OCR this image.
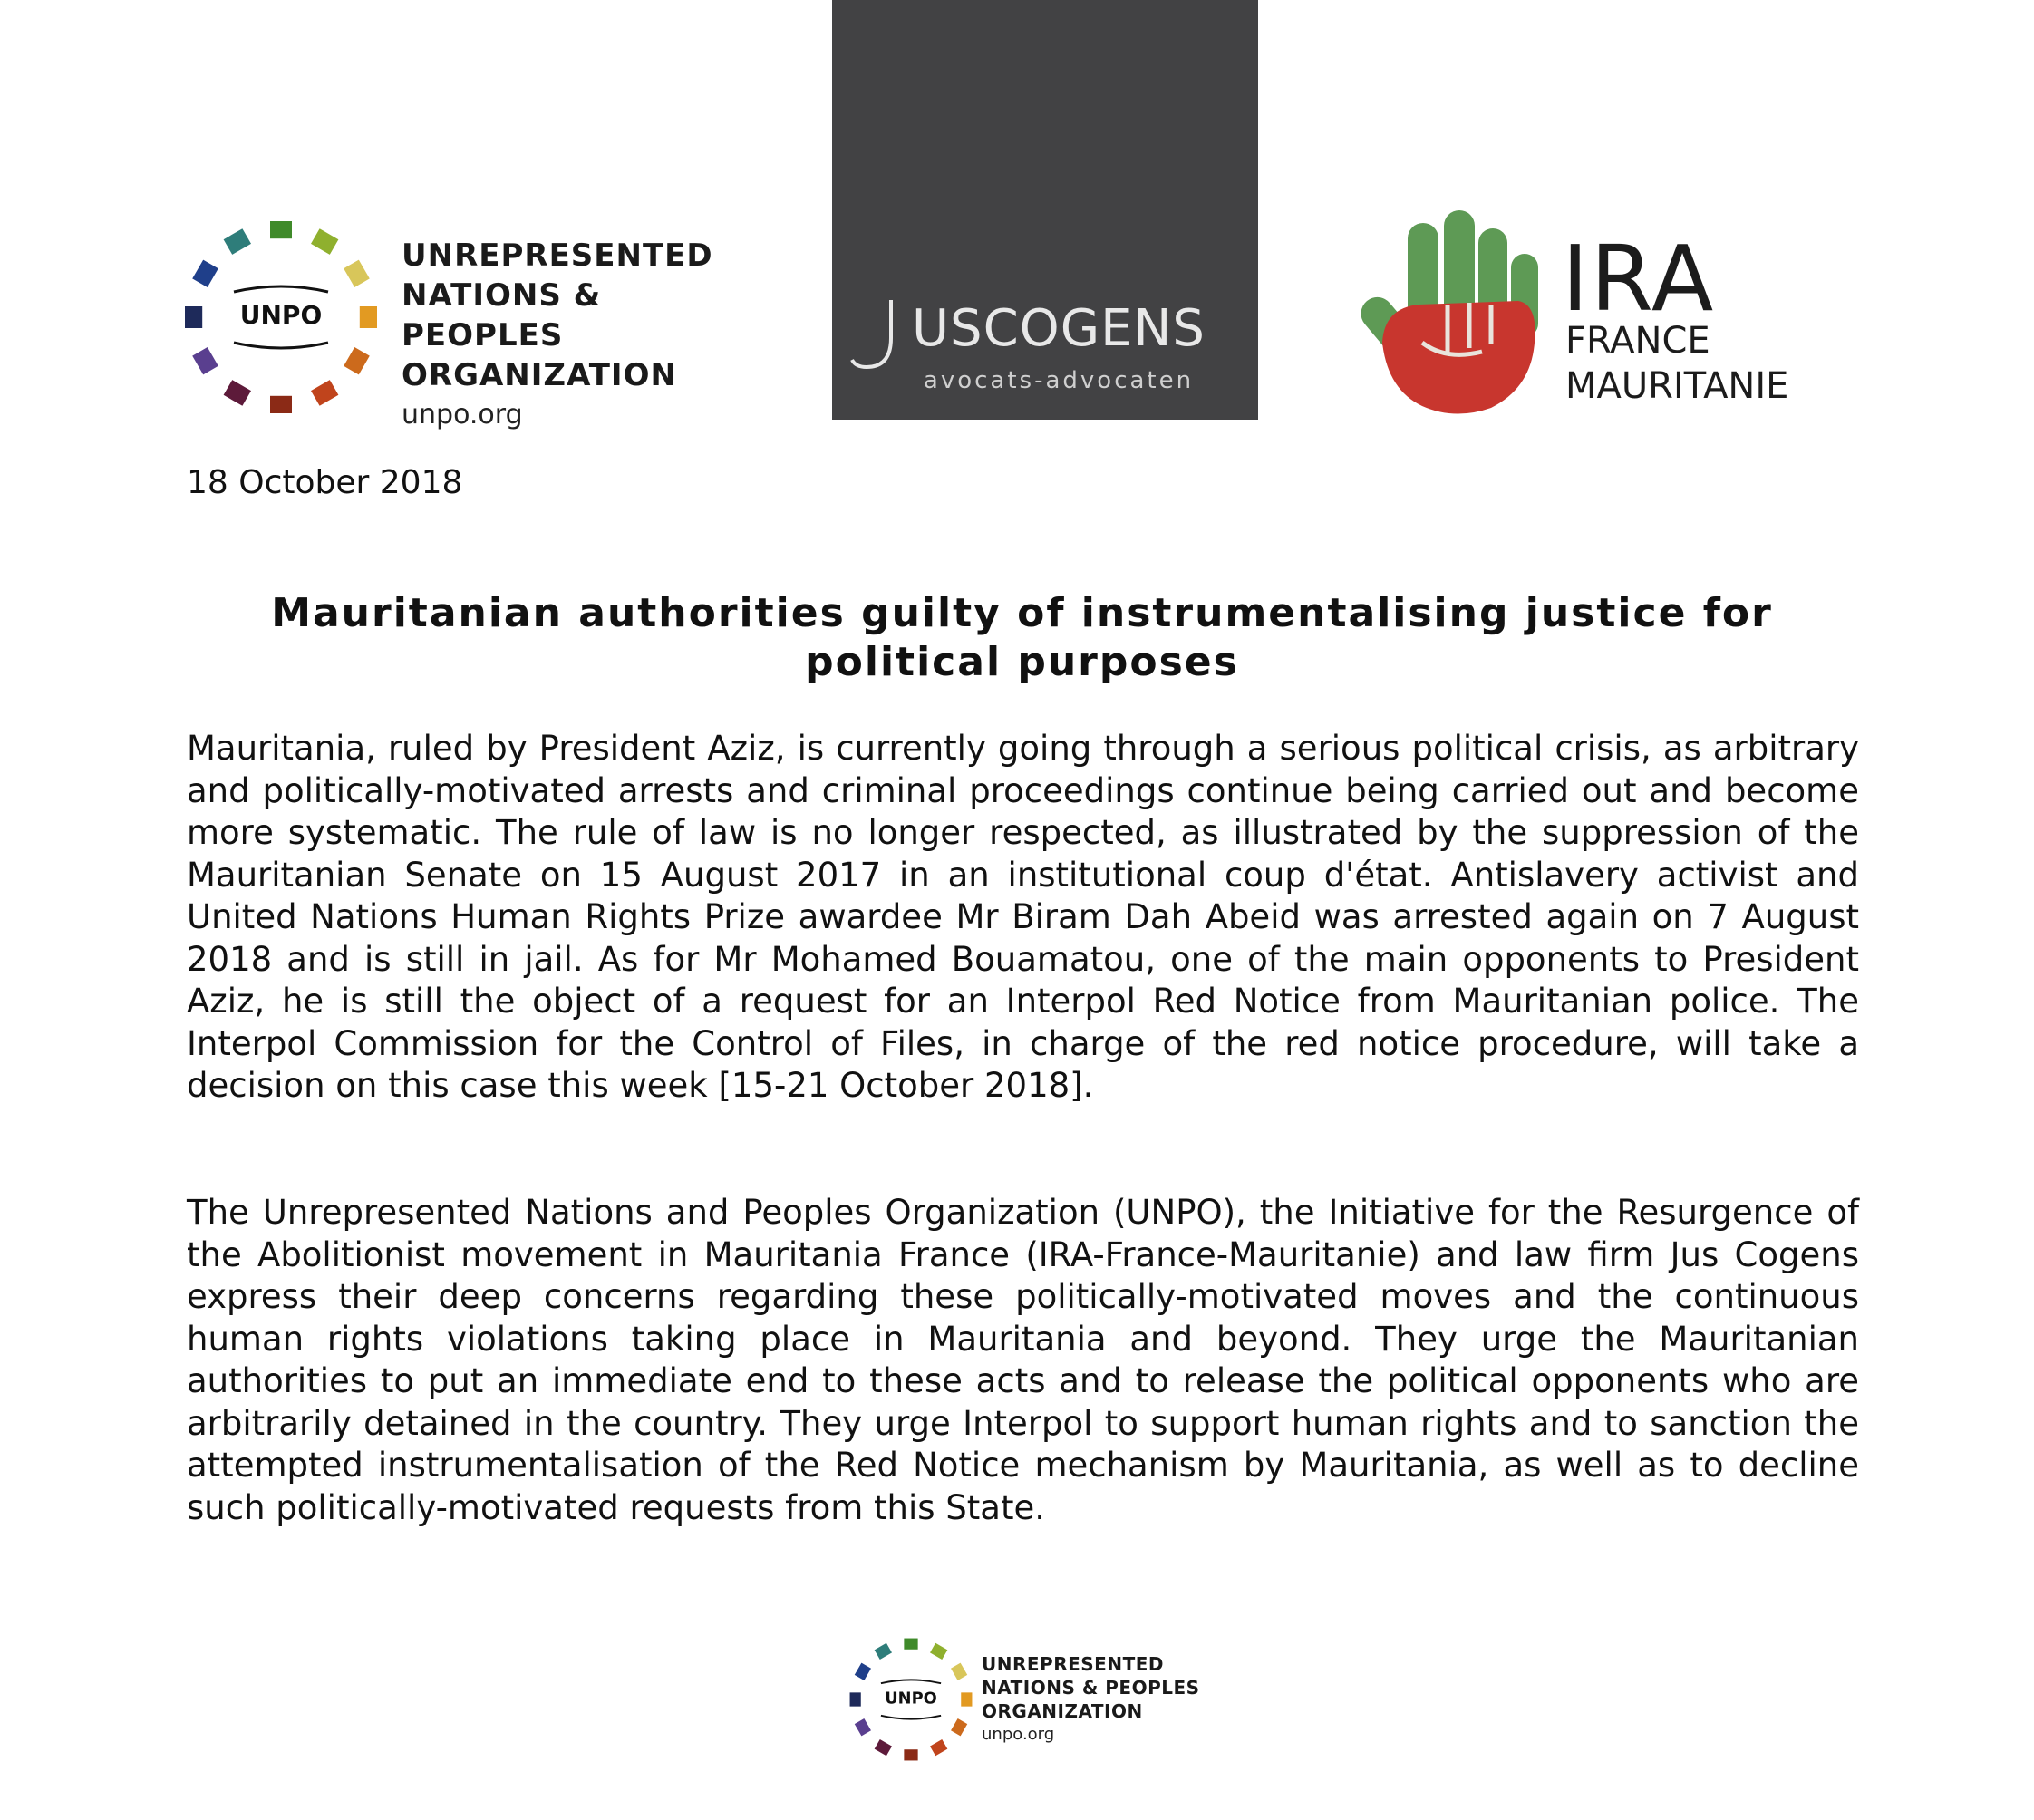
UNPO
UNREPRESENTED
NATIONS & PEOPLES
ORGANIZATION
unpo.org
USCOGENS
avocats-advocaten
IRA
FRANCE
MAURITANIE
18 October 2018
Mauritanian authorities guilty of instrumentalising justice for political purposes
Mauritania, ruled by President Aziz, is currently going through a serious political crisis, as arbitrary and politically-motivated arrests and criminal proceedings continue being carried out and become more systematic. The rule of law is no longer respected, as illustrated by the suppression of the Mauritanian Senate on 15 August 2017 in an institutional coup d'état. Antislavery activist and United Nations Human Rights Prize awardee Mr Biram Dah Abeid was arrested again on 7 August 2018 and is still in jail. As for Mr Mohamed Bouamatou, one of the main opponents to President Aziz, he is still the object of a request for an Interpol Red Notice from Mauritanian police. The Interpol Commission for the Control of Files, in charge of the red notice procedure, will take a decision on this case this week [15-21 October 2018].
The Unrepresented Nations and Peoples Organization (UNPO), the Initiative for the Resurgence of the Abolitionist movement in Mauritania France (IRA-France-Mauritanie) and law firm Jus Cogens express their deep concerns regarding these politically-motivated moves and the continuous human rights violations taking place in Mauritania and beyond. They urge the Mauritanian authorities to put an immediate end to these acts and to release the political opponents who are arbitrarily detained in the country. They urge Interpol to support human rights and to sanction the attempted instrumentalisation of the Red Notice mechanism by Mauritania, as well as to decline such politically-motivated requests from this State.
UNPO
UNREPRESENTED
NATIONS & PEOPLES
ORGANIZATION
unpo.org
